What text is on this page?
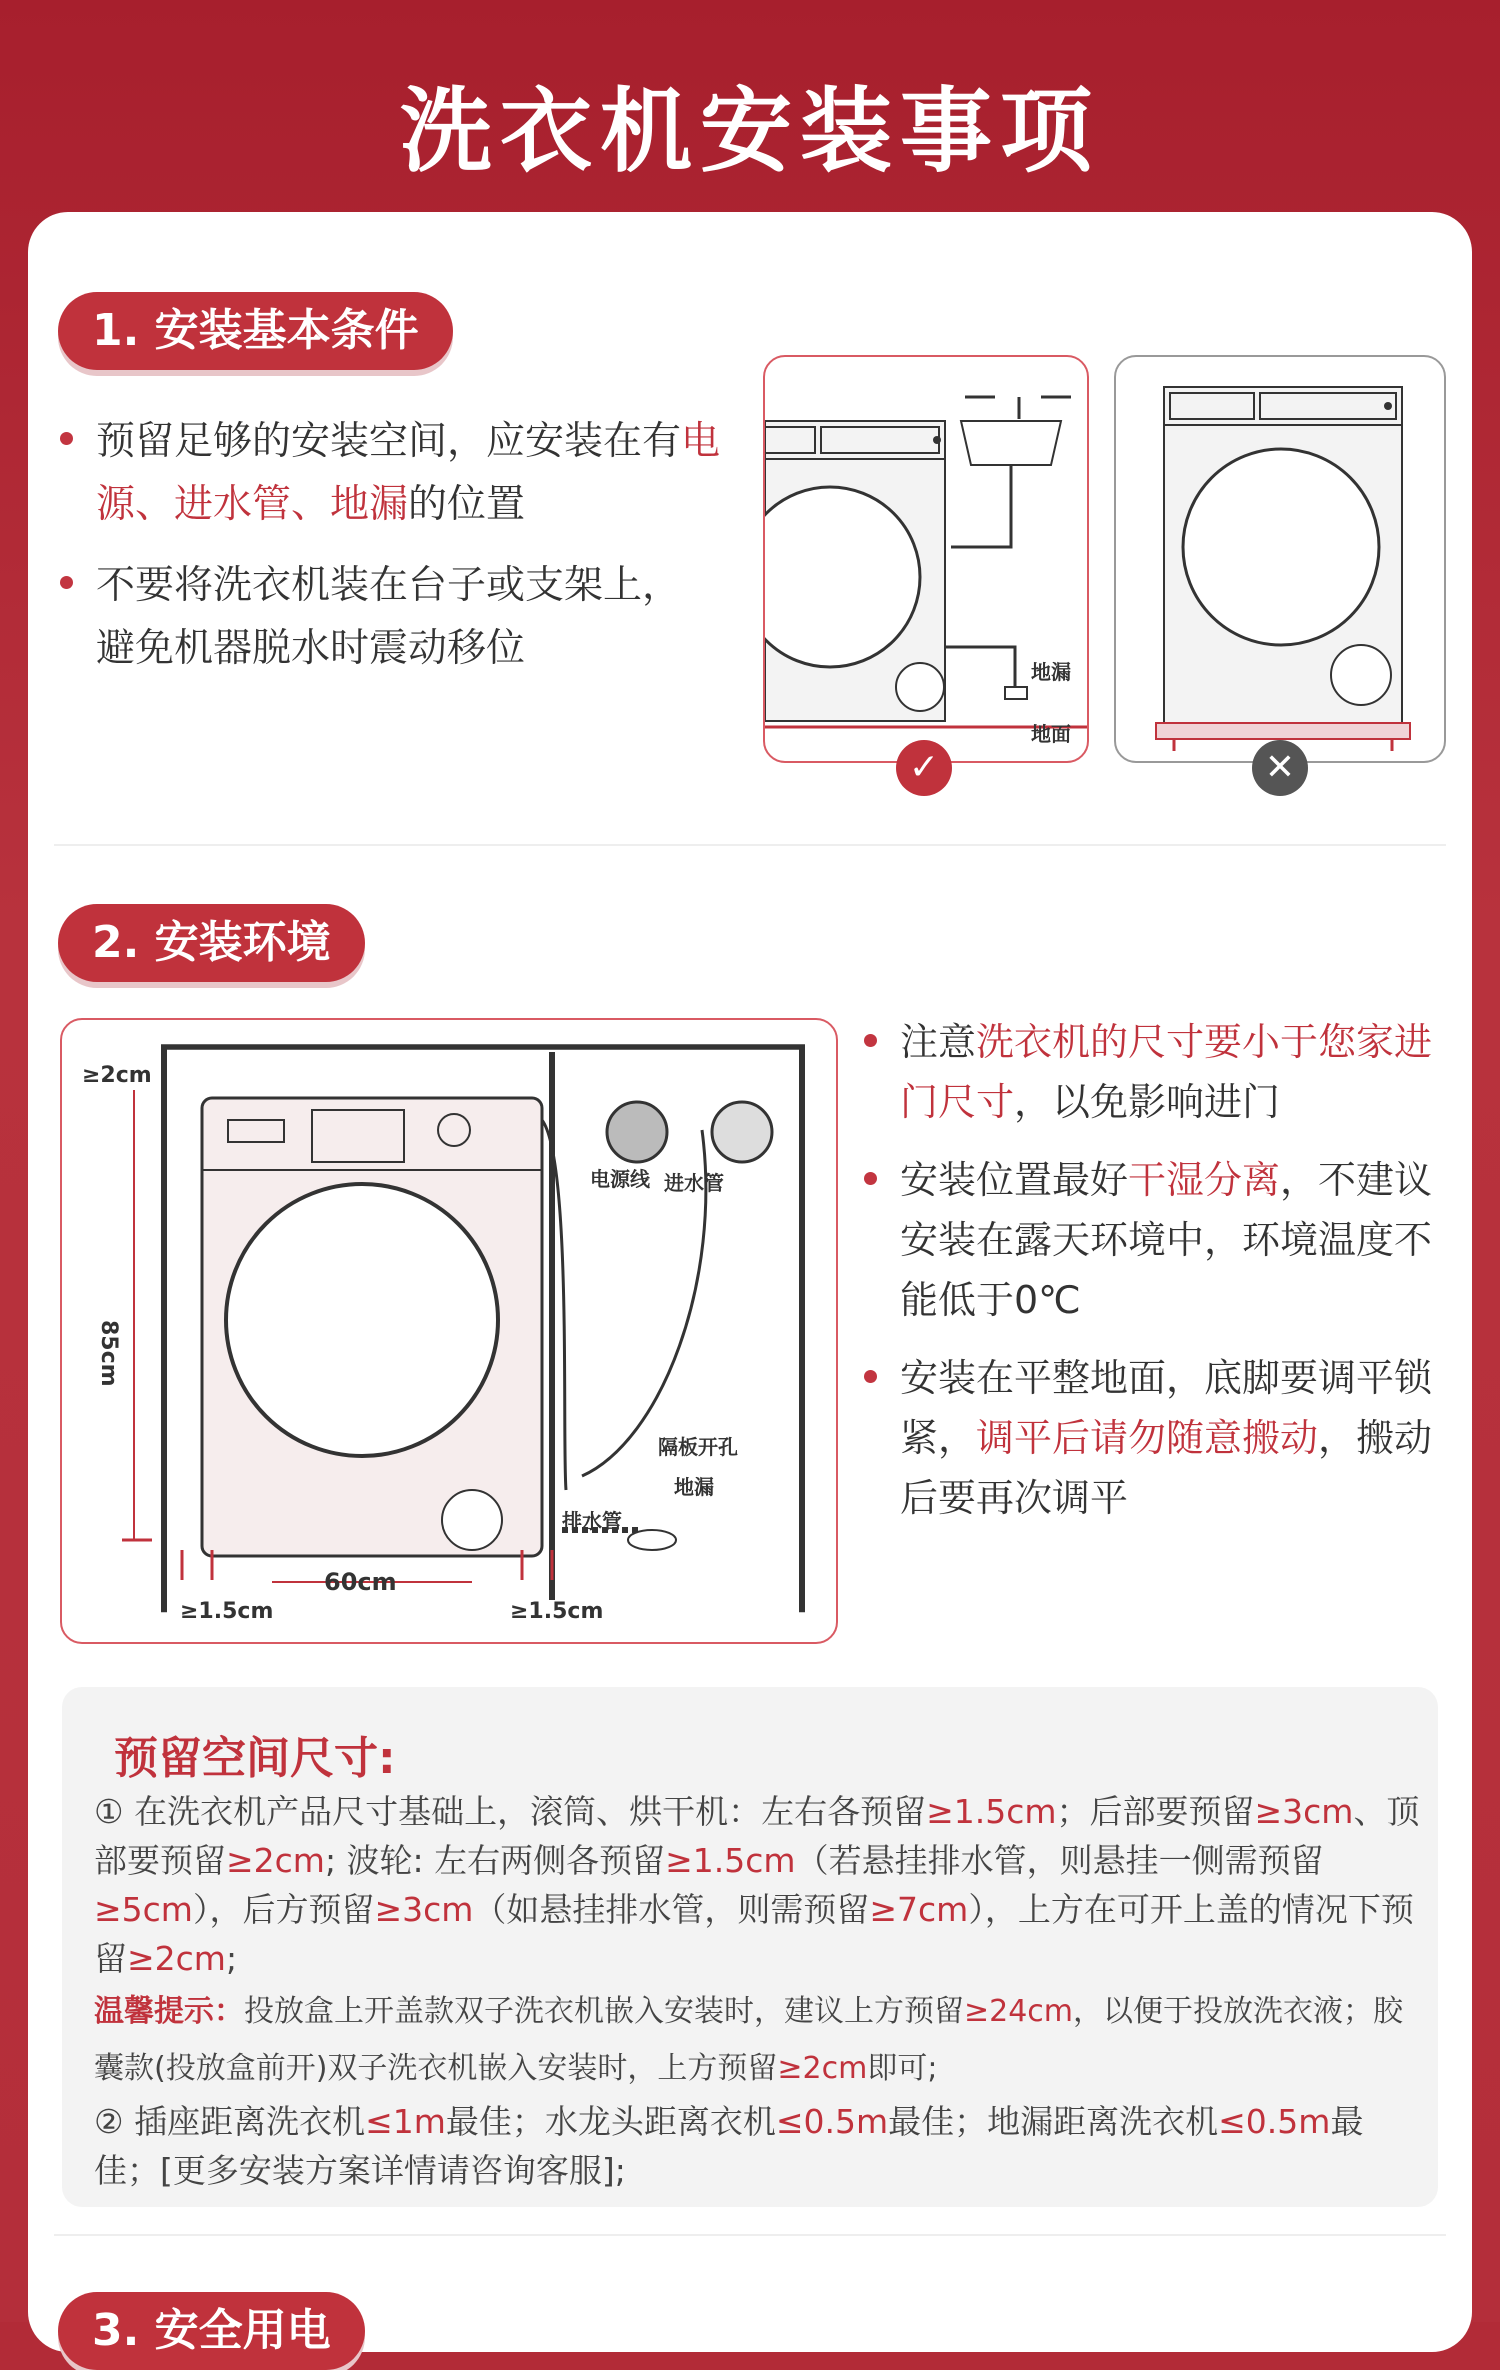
洗衣机安装事项
1. 安装基本条件
预留足够的安装空间，应安装在有电源、进水管、地漏的位置
不要将洗衣机装在台子或支架上，
避免机器脱水时震动移位
地漏
地面
✓	✕
2. 安装环境
≥2cm
85cm
60cm
≥1.5cm	≥1.5cm
电源线 进水管
隔板开孔
地漏
排水管
注意洗衣机的尺寸要小于您家进门尺寸，以免影响进门
安装位置最好干湿分离，不建议安装在露天环境中，环境温度不能低于0℃
安装在平整地面，底脚要调平锁紧，调平后请勿随意搬动，搬动后要再次调平
预留空间尺寸:
① 在洗衣机产品尺寸基础上，滚筒、烘干机：左右各预留≥1.5cm；后部要预留≥3cm、顶部要预留≥2cm; 波轮: 左右两侧各预留≥1.5cm（若悬挂排水管，则悬挂一侧需预留≥5cm），后方预留≥3cm（如悬挂排水管，则需预留≥7cm），上方在可开上盖的情况下预留≥2cm;
温馨提示：投放盒上开盖款双子洗衣机嵌入安装时，建议上方预留≥24cm，以便于投放洗衣液；胶囊款(投放盒前开)双子洗衣机嵌入安装时，上方预留≥2cm即可;
② 插座距离洗衣机≤1m最佳；水龙头距离衣机≤0.5m最佳；地漏距离洗衣机≤0.5m最佳；[更多安装方案详情请咨询客服];
3. 安全用电
